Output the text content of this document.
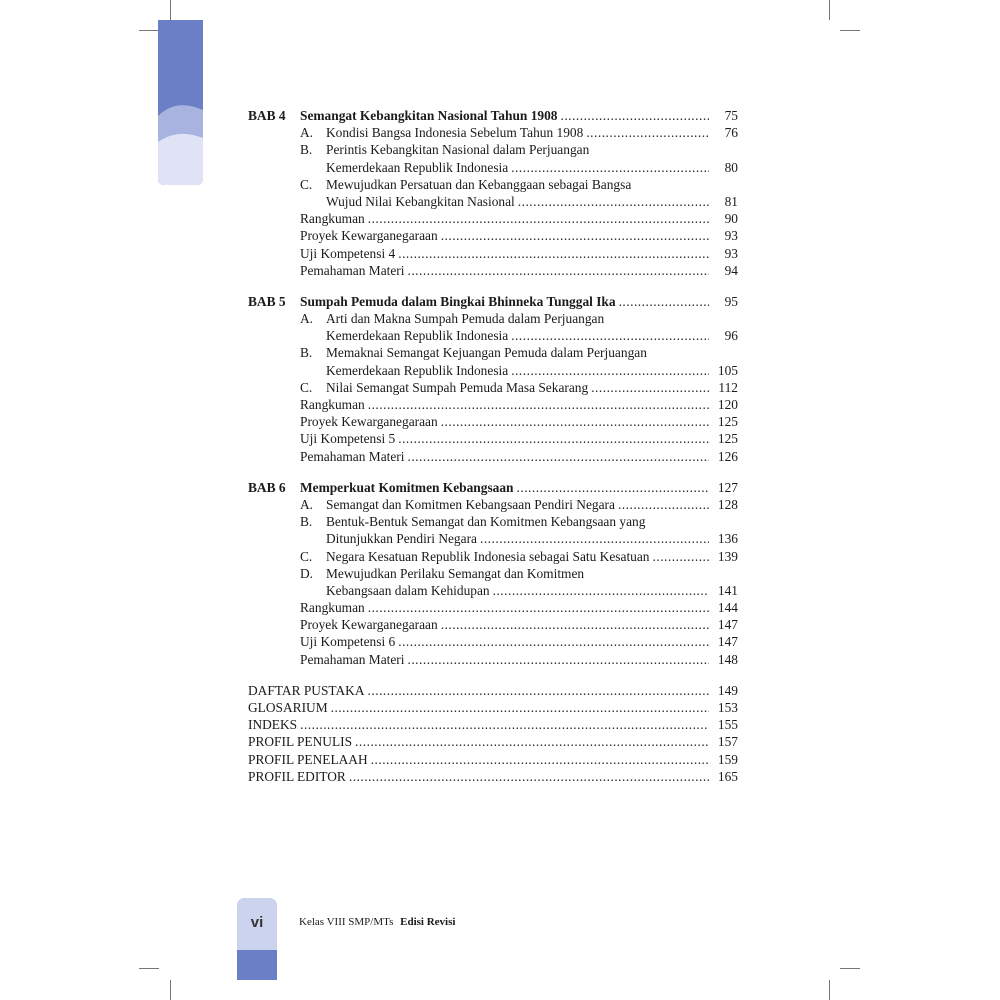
BAB 4	Semangat Kebangkitan Nasional Tahun 1908 .....	75
A. Kondisi Bangsa Indonesia Sebelum Tahun 1908 .....	76
B.	Perintis Kebangkitan Nasional dalam Perjuangan
Kemerdekaan Republik Indonesia .....	80
C.	Mewujudkan Persatuan dan Kebanggaan sebagai Bangsa
Wujud Nilai Kebangkitan Nasional .....	81
Rangkuman .....	90
Proyek Kewarganegaraan .....	93
Uji Kompetensi 4 .....	93
Pemahaman Materi .....	94
BAB 5	Sumpah Pemuda dalam Bingkai Bhinneka Tunggal Ika .....	95
A. Arti dan Makna Sumpah Pemuda dalam Perjuangan
Kemerdekaan Republik Indonesia .....	96
B.	Memaknai Semangat Kejuangan Pemuda dalam Perjuangan
Kemerdekaan Republik Indonesia .....	105
C.	Nilai Semangat Sumpah Pemuda Masa Sekarang .....	112
Rangkuman .....	120
Proyek Kewarganegaraan .....	125
Uji Kompetensi 5 .....	125
Pemahaman Materi .....	126
BAB 6	Memperkuat Komitmen Kebangsaan .....	127
A. Semangat dan Komitmen Kebangsaan Pendiri Negara .....	128
B.	Bentuk-Bentuk Semangat dan Komitmen Kebangsaan yang
Ditunjukkan Pendiri Negara .....	136
C.	Negara Kesatuan Republik Indonesia sebagai Satu Kesatuan .....	139
D. Mewujudkan Perilaku Semangat dan Komitmen
Kebangsaan dalam Kehidupan .....	141
Rangkuman .....	144
Proyek Kewarganegaraan .....	147
Uji Kompetensi 6 .....	147
Pemahaman Materi .....	148
DAFTAR PUSTAKA .....	149
GLOSARIUM .....	153
INDEKS .....	155
PROFIL PENULIS .....	157
PROFIL PENELAAH .....	159
PROFIL EDITOR .....	165
vi	Kelas VIII SMP/MTs Edisi Revisi
